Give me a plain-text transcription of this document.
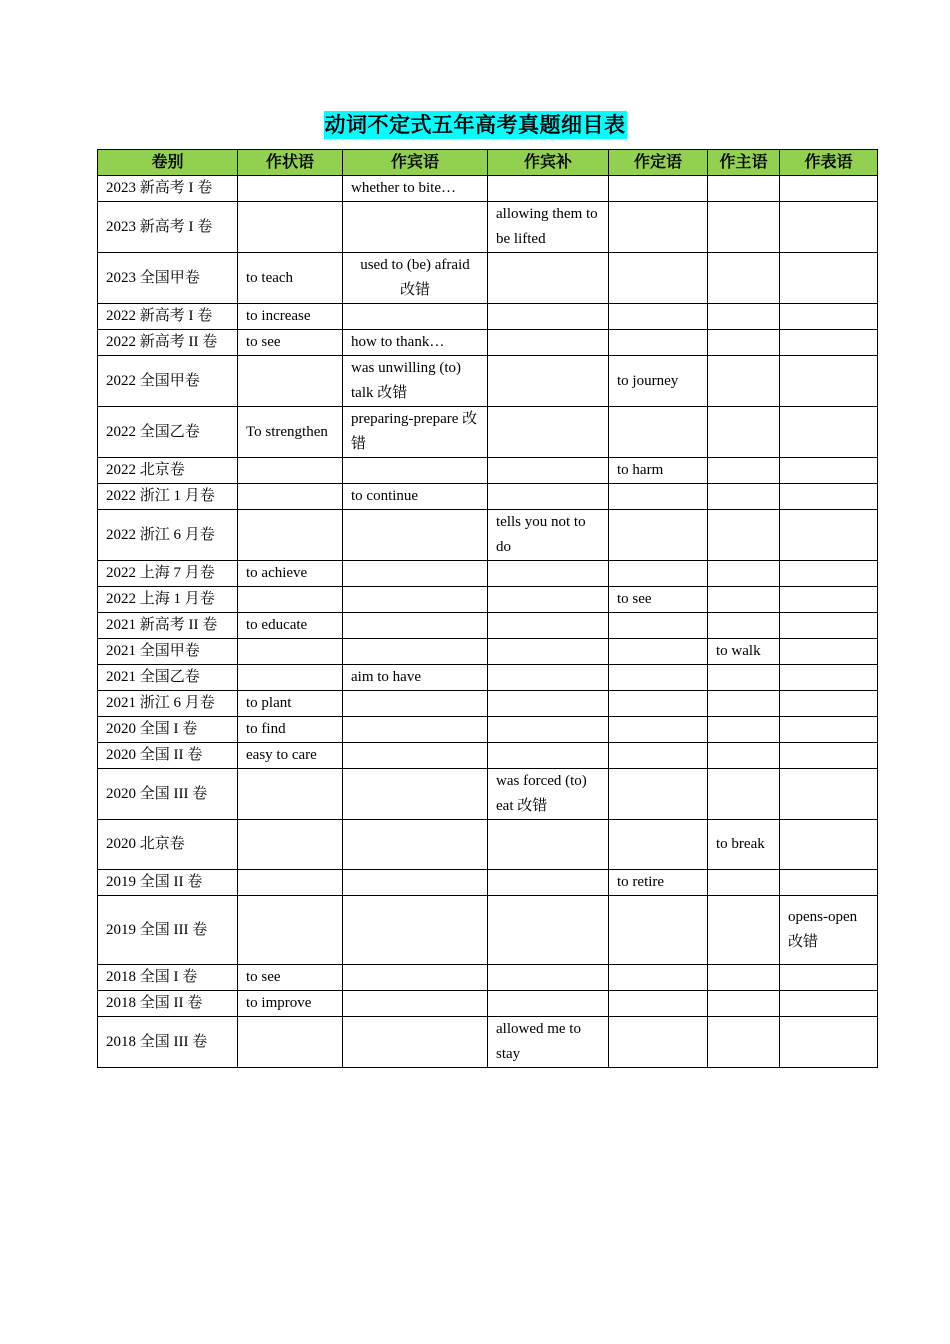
动词不定式五年高考真题细目表
卷别	作状语	作宾语	作宾补	作定语	作主语	作表语
2023 新高考 I 卷		whether to bite…				
2023 新高考 I 卷			allowing them to be lifted			
2023 全国甲卷	to teach	used to (be) afraid 改错				
2022 新高考 I 卷	to increase					
2022 新高考 II 卷	to see	how to thank…				
2022 全国甲卷		was unwilling (to) talk 改错		to journey		
2022 全国乙卷	To strengthen	preparing-prepare 改错				
2022 北京卷				to harm		
2022 浙江 1 月卷		to continue				
2022 浙江 6 月卷			tells you not to do			
2022 上海 7 月卷	to achieve					
2022 上海 1 月卷				to see		
2021 新高考 II 卷	to educate					
2021 全国甲卷					to walk	
2021 全国乙卷		aim to have				
2021 浙江 6 月卷	to plant					
2020 全国 I 卷	to find					
2020 全国 II 卷	easy to care					
2020 全国 III 卷			was forced (to) eat 改错			
2020 北京卷					to break	
2019 全国 II 卷				to retire		
2019 全国 III 卷						opens-open 改错
2018 全国 I 卷	to see					
2018 全国 II 卷	to improve					
2018 全国 III 卷			allowed me to stay			
